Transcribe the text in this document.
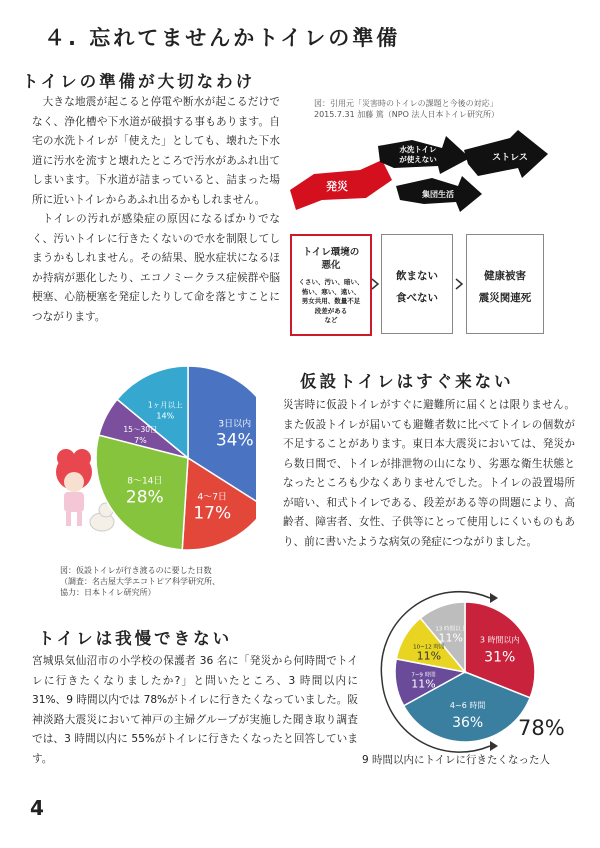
４. 忘れてませんかトイレの準備
トイレの準備が大切なわけ

大きな地震が起こると停電や断水が起こるだけでなく、浄化槽や下水道が破損する事もあります。自宅の水洗トイレが「使えた」としても、壊れた下水道に汚水を流すと壊れたところで汚水があふれ出てしまいます。下水道が詰まっていると、詰まった場所に近いトイレからあふれ出るかもしれません。

トイレの汚れが感染症の原因になるばかりでなく、汚いトイレに行きたくないので水を制限してしまうかもしれません。その結果、脱水症状になるほか持病が悪化したり、エコノミークラス症候群や脳梗塞、心筋梗塞を発症したりして命を落とすことにつながります。

図：引用元「災害時のトイレの課題と今後の対応」
2015.7.31 加藤 篤（NPO 法人日本トイレ研究所）
発災
水洗トイレ
が使えない	ストレス
集団生活
トイレ環境の
悪化
くさい、汚い、暗い、
怖い、寒い、遠い、
男女共用、数量不足
段差がある
など
飲まない
食べない
健康被害
震災関連死
3日以内
34%
4〜7日
17%
8〜14日
28%
15〜30日
7%
1ヶ月以上
14%
図：仮設トイレが行き渡るのに要した日数
（調査：名古屋大学エコトピア科学研究所、
協力：日本トイレ研究所）
仮設トイレはすぐ来ない

災害時に仮設トイレがすぐに避難所に届くとは限りません。また仮設トイレが届いても避難者数に比べてトイレの個数が不足することがあります。東日本大震災においては、発災から数日間で、トイレが排泄物の山になり、劣悪な衛生状態となったところも少なくありませんでした。トイレの設置場所が暗い、和式トイレである、段差がある等の問題により、高齢者、障害者、女性、子供等にとって使用しにくいものもあり、前に書いたような病気の発症につながりました。

トイレは我慢できない

宮城県気仙沼市の小学校の保護者 36 名に「発災から何時間でトイレに行きたくなりましたか?」と問いたところ、3 時間以内に 31%、9 時間以内では 78%がトイレに行きたくなっていました。阪神淡路大震災において神戸の主婦グループが実施した聞き取り調査では、3 時間以内に 55%がトイレに行きたくなったと回答しています。

3 時間以内
31%
4~6 時間
36%
7~9 時間
11%
10~12 時間
11%
13 時間以上
11%
78%
9 時間以内にトイレに行きたくなった人
4
